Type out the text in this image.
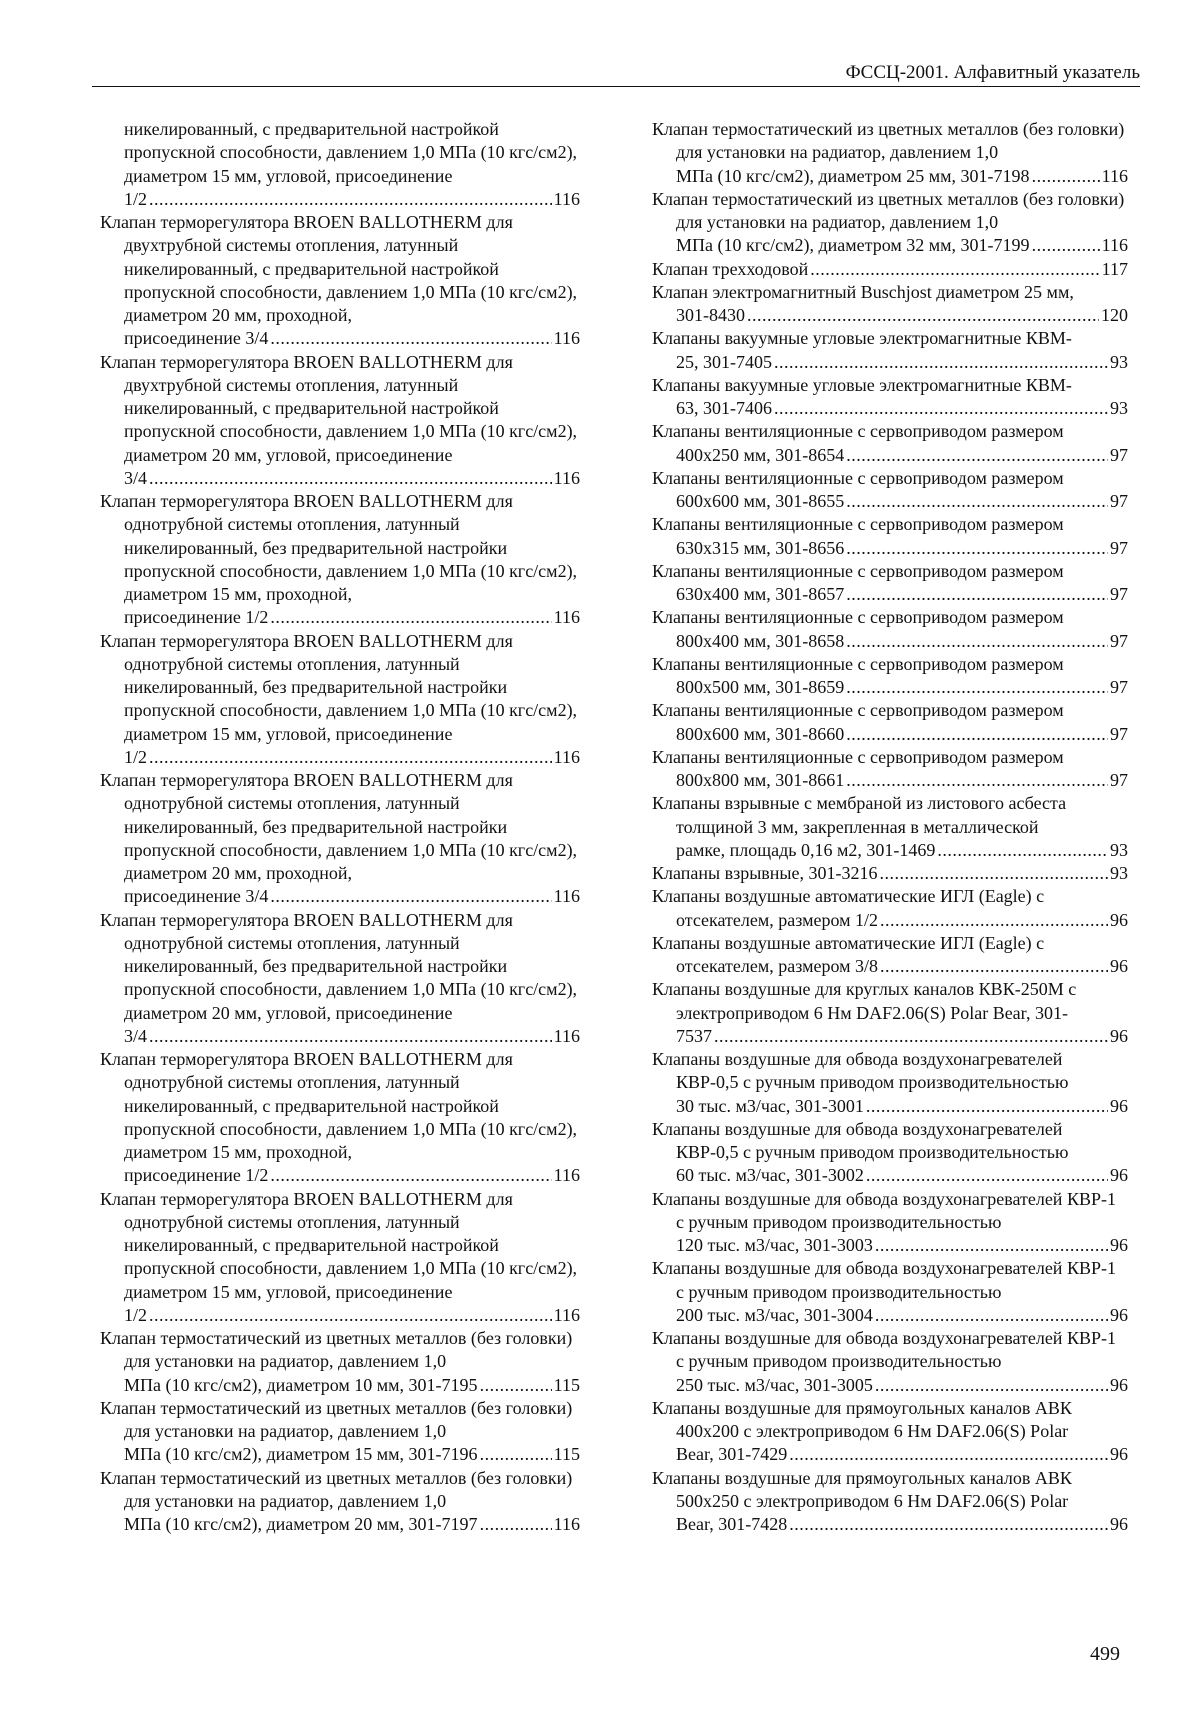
ФССЦ-2001. Алфавитный указатель
никелированный, с предварительной настройкой пропускной способности, давлением 1,0 МПа (10 кгс/см2), диаметром 15 мм, угловой, присоединение
1/2 .....	116
Клапан терморегулятора BROEN BALLOTHERM для двухтрубной системы отопления, латунный никелированный, с предварительной настройкой пропускной способности, давлением 1,0 МПа (10 кгс/см2), диаметром 20 мм, проходной,
присоединение 3/4 .....	116
Клапан терморегулятора BROEN BALLOTHERM для двухтрубной системы отопления, латунный никелированный, с предварительной настройкой пропускной способности, давлением 1,0 МПа (10 кгс/см2), диаметром 20 мм, угловой, присоединение
3/4 .....	116
Клапан терморегулятора BROEN BALLOTHERM для однотрубной системы отопления, латунный никелированный, без предварительной настройки пропускной способности, давлением 1,0 МПа (10 кгс/см2), диаметром 15 мм, проходной,
присоединение 1/2 .....	116
Клапан терморегулятора BROEN BALLOTHERM для однотрубной системы отопления, латунный никелированный, без предварительной настройки пропускной способности, давлением 1,0 МПа (10 кгс/см2), диаметром 15 мм, угловой, присоединение
1/2 .....	116
Клапан терморегулятора BROEN BALLOTHERM для однотрубной системы отопления, латунный никелированный, без предварительной настройки пропускной способности, давлением 1,0 МПа (10 кгс/см2), диаметром 20 мм, проходной,
присоединение 3/4 .....	116
Клапан терморегулятора BROEN BALLOTHERM для однотрубной системы отопления, латунный никелированный, без предварительной настройки пропускной способности, давлением 1,0 МПа (10 кгс/см2), диаметром 20 мм, угловой, присоединение
3/4 .....	116
Клапан терморегулятора BROEN BALLOTHERM для однотрубной системы отопления, латунный никелированный, с предварительной настройкой пропускной способности, давлением 1,0 МПа (10 кгс/см2), диаметром 15 мм, проходной,
присоединение 1/2 .....	116
Клапан терморегулятора BROEN BALLOTHERM для однотрубной системы отопления, латунный никелированный, с предварительной настройкой пропускной способности, давлением 1,0 МПа (10 кгс/см2), диаметром 15 мм, угловой, присоединение
1/2 .....	116
Клапан термостатический из цветных металлов (без головки) для установки на радиатор, давлением 1,0
МПа (10 кгс/см2), диаметром 10 мм, 301-7195 .....	115
Клапан термостатический из цветных металлов (без головки) для установки на радиатор, давлением 1,0
МПа (10 кгс/см2), диаметром 15 мм, 301-7196 .....	115
Клапан термостатический из цветных металлов (без головки) для установки на радиатор, давлением 1,0
МПа (10 кгс/см2), диаметром 20 мм, 301-7197 .....	116
Клапан термостатический из цветных металлов (без головки) для установки на радиатор, давлением 1,0
МПа (10 кгс/см2), диаметром 25 мм, 301-7198 .....	116
Клапан термостатический из цветных металлов (без головки) для установки на радиатор, давлением 1,0
МПа (10 кгс/см2), диаметром 32 мм, 301-7199 .....	116
Клапан трехходовой .....	117
Клапан электромагнитный Buschjost диаметром 25 мм,
301-8430 .....	120
Клапаны вакуумные угловые электромагнитные КВМ-
25, 301-7405 .....	93
Клапаны вакуумные угловые электромагнитные КВМ-
63, 301-7406 .....	93
Клапаны вентиляционные с сервоприводом размером
400x250 мм, 301-8654 .....	97
Клапаны вентиляционные с сервоприводом размером
600x600 мм, 301-8655 .....	97
Клапаны вентиляционные с сервоприводом размером
630x315 мм, 301-8656 .....	97
Клапаны вентиляционные с сервоприводом размером
630x400 мм, 301-8657 .....	97
Клапаны вентиляционные с сервоприводом размером
800x400 мм, 301-8658 .....	97
Клапаны вентиляционные с сервоприводом размером
800x500 мм, 301-8659 .....	97
Клапаны вентиляционные с сервоприводом размером
800x600 мм, 301-8660 .....	97
Клапаны вентиляционные с сервоприводом размером
800x800 мм, 301-8661 .....	97
Клапаны взрывные с мембраной из листового асбеста толщиной 3 мм, закрепленная в металлической
рамке, площадь 0,16 м2, 301-1469 .....	93
Клапаны взрывные, 301-3216 .....	93
Клапаны воздушные автоматические ИГЛ (Eagle) с
отсекателем, размером 1/2 .....	96
Клапаны воздушные автоматические ИГЛ (Eagle) с
отсекателем, размером 3/8 .....	96
Клапаны воздушные для круглых каналов КВК-250М с электроприводом 6 Нм DAF2.06(S) Polar Bear, 301-
7537 .....	96
Клапаны воздушные для обвода воздухонагревателей КВР-0,5 с ручным приводом производительностью
30 тыс. м3/час, 301-3001 .....	96
Клапаны воздушные для обвода воздухонагревателей КВР-0,5 с ручным приводом производительностью
60 тыс. м3/час, 301-3002 .....	96
Клапаны воздушные для обвода воздухонагревателей КВР-1 с ручным приводом производительностью
120 тыс. м3/час, 301-3003 .....	96
Клапаны воздушные для обвода воздухонагревателей КВР-1 с ручным приводом производительностью
200 тыс. м3/час, 301-3004 .....	96
Клапаны воздушные для обвода воздухонагревателей КВР-1 с ручным приводом производительностью
250 тыс. м3/час, 301-3005 .....	96
Клапаны воздушные для прямоугольных каналов АВК 400x200 с электроприводом 6 Нм DAF2.06(S) Polar
Bear, 301-7429 .....	96
Клапаны воздушные для прямоугольных каналов АВК 500x250 с электроприводом 6 Нм DAF2.06(S) Polar
Bear, 301-7428 .....	96
499
